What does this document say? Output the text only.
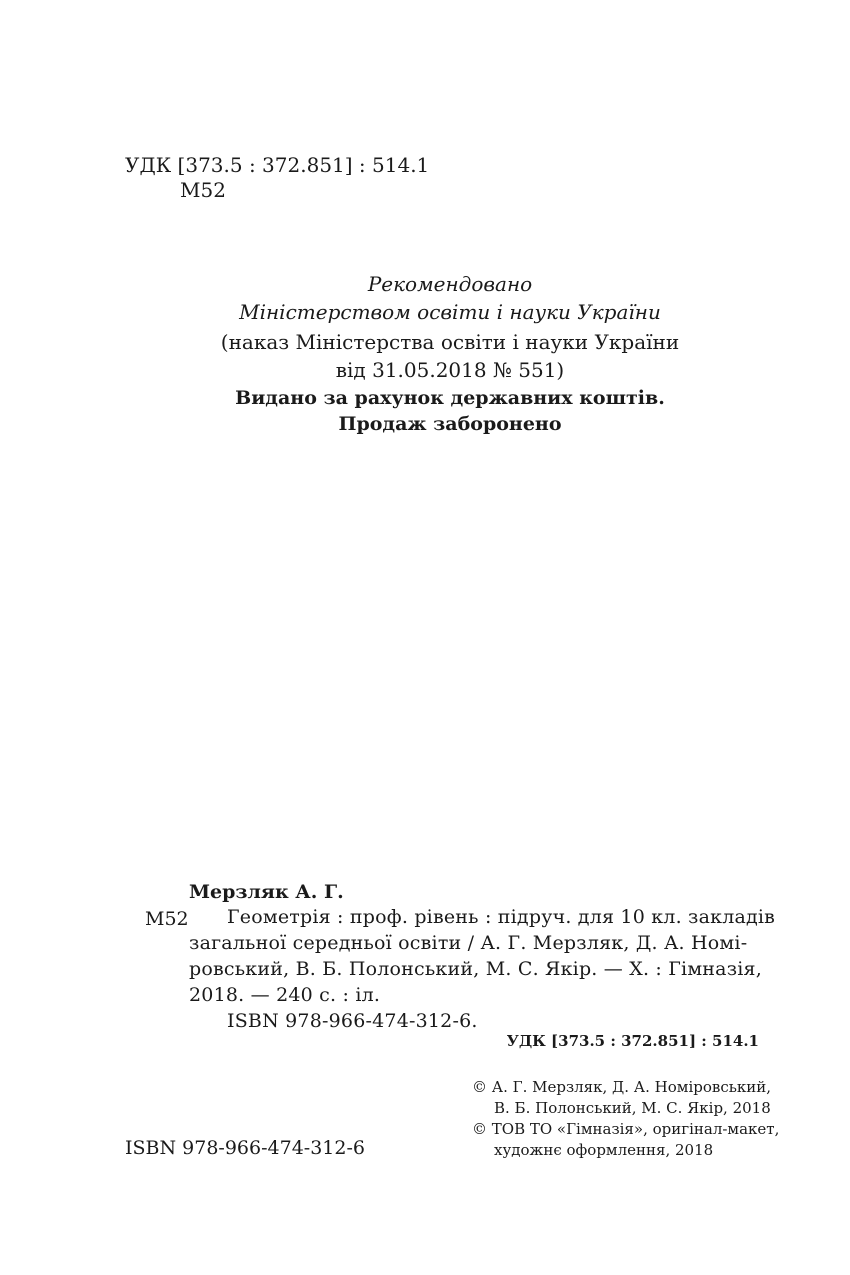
УДК [373.5 : 372.851] : 514.1
М52
Рекомендовано
Міністерством освіти і науки України
(наказ Міністерства освіти і науки України
від 31.05.2018 № 551)
Видано за рахунок державних коштів.
Продаж заборонено
Мерзляк А. Г.
М52	Геометрія : проф. рівень : підруч. для 10 кл. закладів
загальної середньої освіти / А. Г. Мерзляк, Д. А. Номі-
ровський, В. Б. Полонський, М. С. Якір. — Х. : Гімназія,
2018. — 240 с. : іл.
ISBN 978-966-474-312-6.
УДК [373.5 : 372.851] : 514.1
ISBN 978-966-474-312-6
© А. Г. Мерзляк, Д. А. Номіровський,
В. Б. Полонський, М. С. Якір, 2018
© ТОВ ТО «Гімназія», оригінал-макет,
художнє оформлення, 2018
